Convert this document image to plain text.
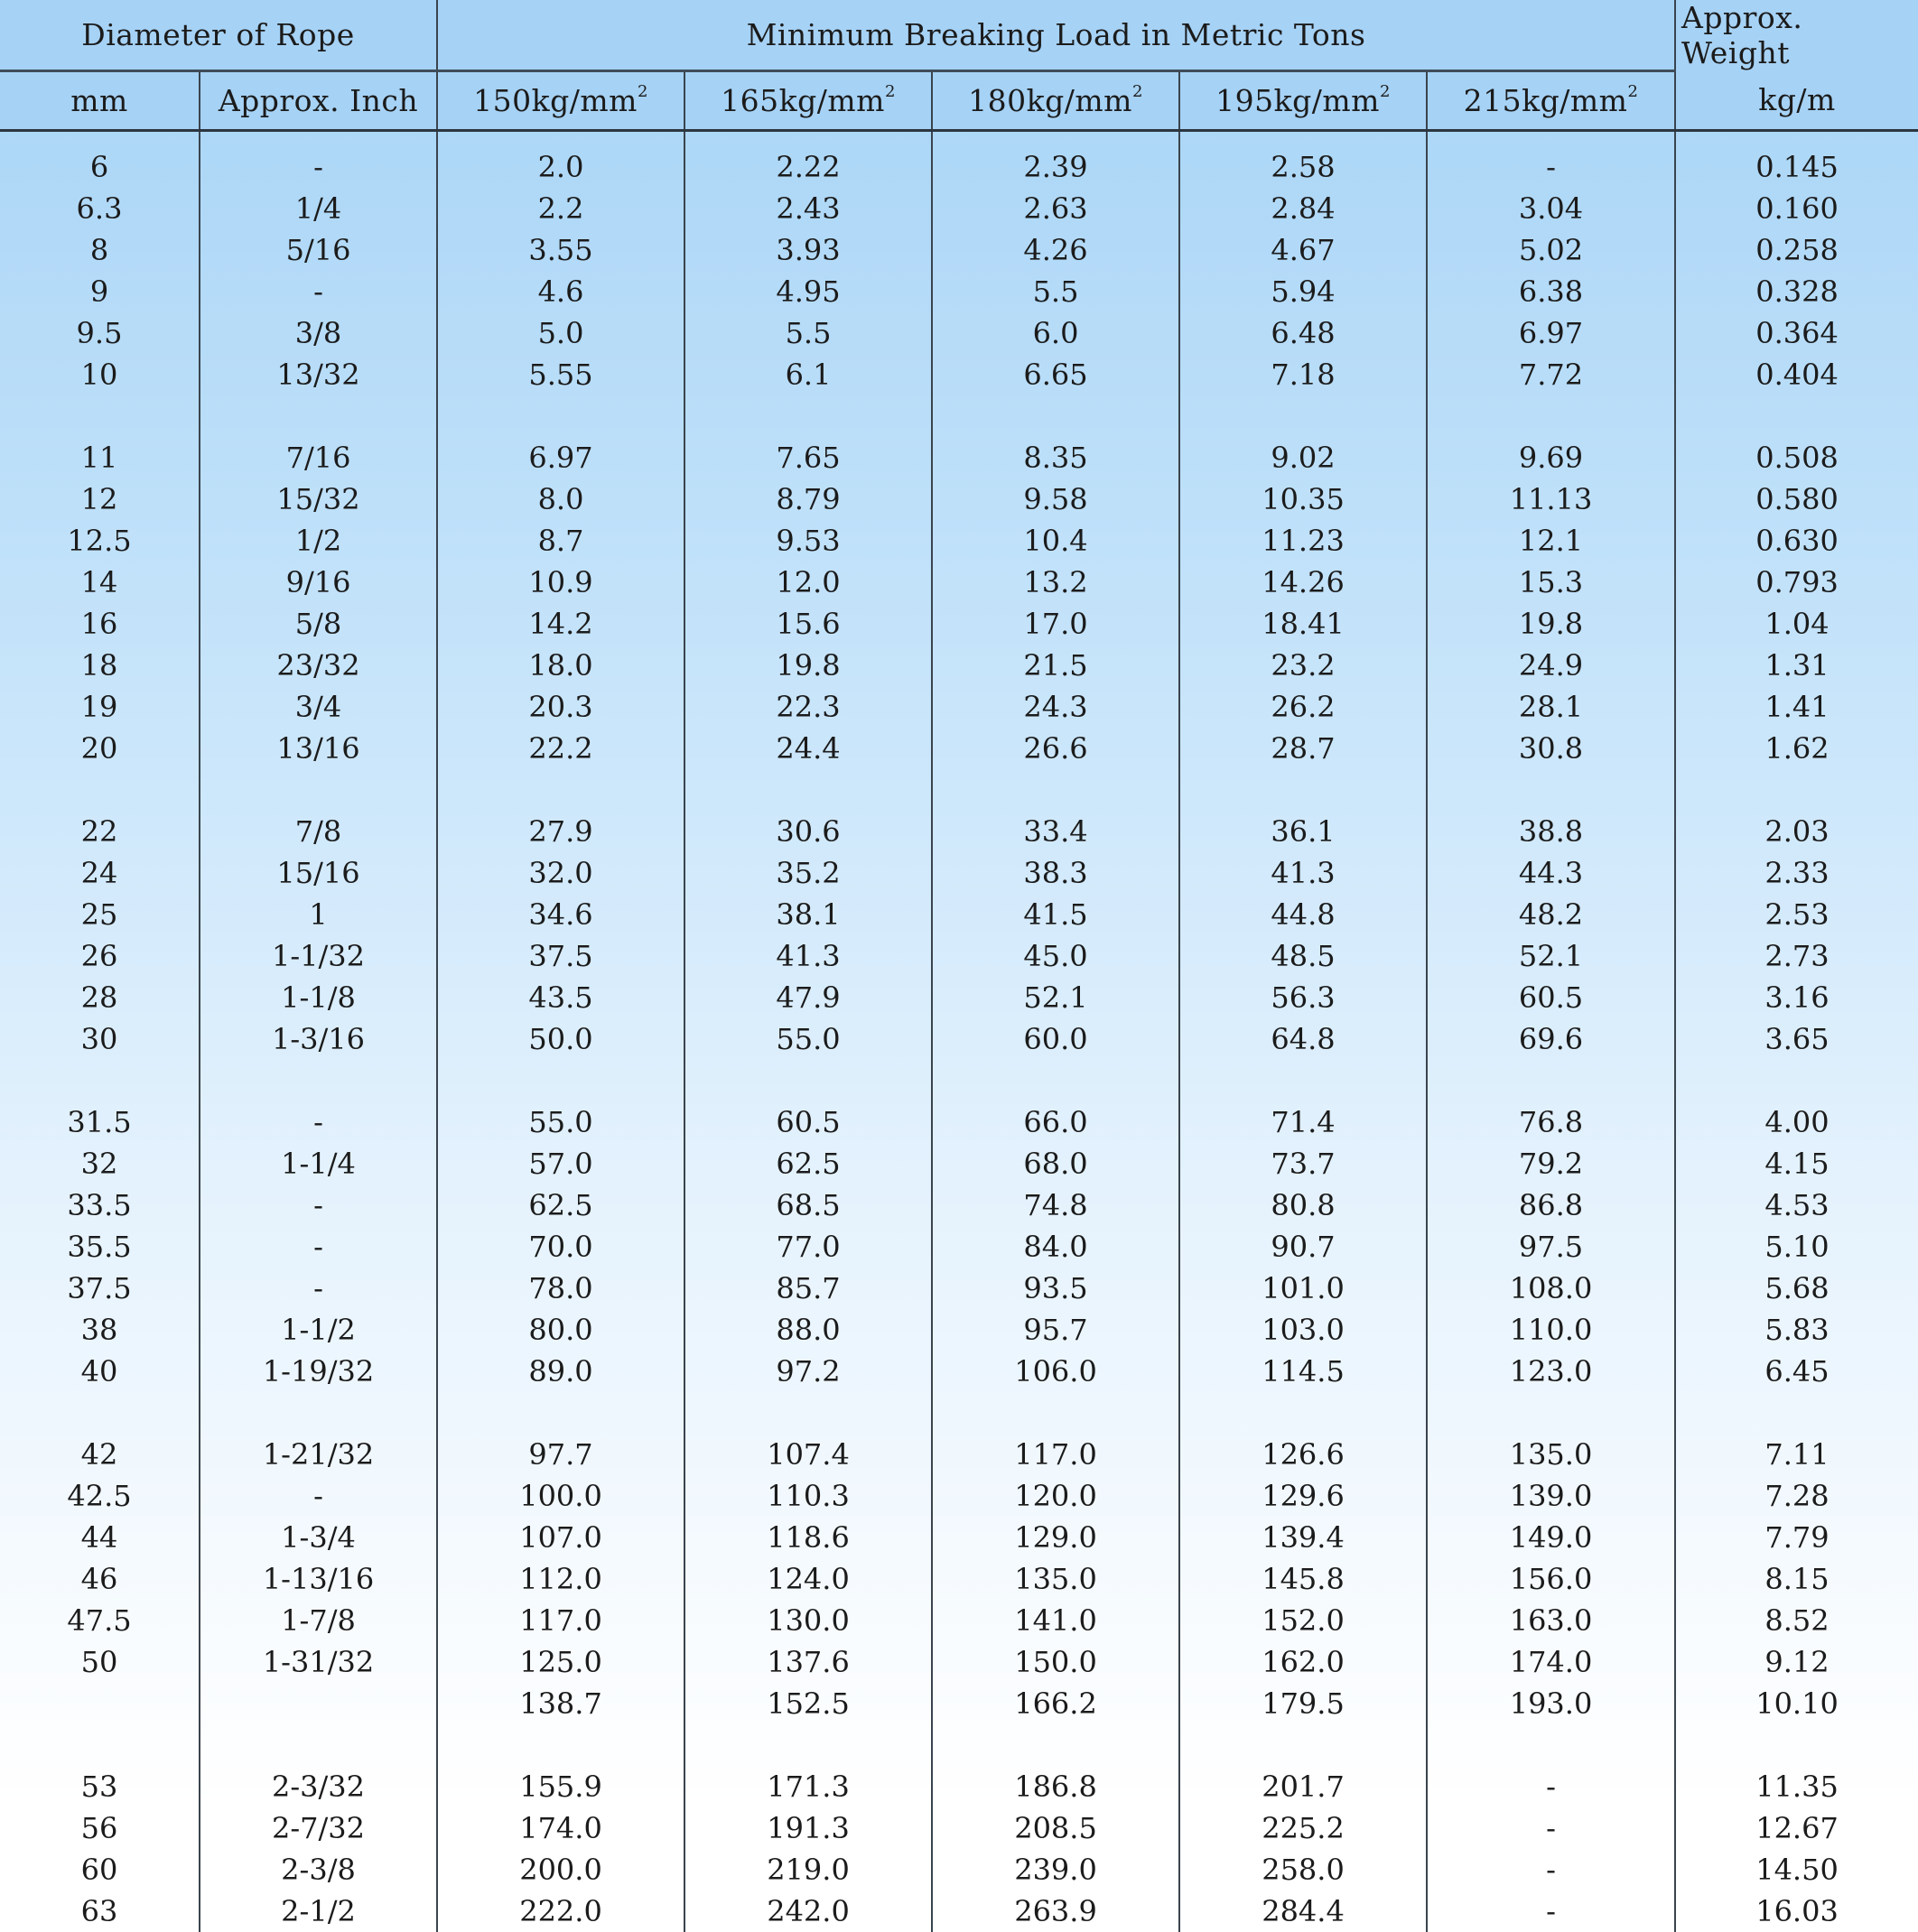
Diameter of Rope		Minimum Breaking Load in Metric Tons					Approx. Weight
mm	Approx. Inch	$150kg/mm^2$	$165kg/mm^2$	$180kg/mm^2$	$195kg/mm^2$	$215kg/mm^2$	kg/m
6	-	2.0	2.22	2.39	2.58	-	0.145
6.3	1/4	2.2	2.43	2.63	2.84	3.04	0.160
8	5/16	3.55	3.93	4.26	4.67	5.02	0.258
9	-	4.6	4.95	5.5	5.94	6.38	0.328
9.5	3/8	5.0	5.5	6.0	6.48	6.97	0.364
10	13/32	5.55	6.1	6.65	7.18	7.72	0.404

11	7/16	6.97	7.65	8.35	9.02	9.69	0.508
12	15/32	8.0	8.79	9.58	10.35	11.13	0.580
12.5	1/2	8.7	9.53	10.4	11.23	12.1	0.630
14	9/16	10.9	12.0	13.2	14.26	15.3	0.793
16	5/8	14.2	15.6	17.0	18.41	19.8	1.04
18	23/32	18.0	19.8	21.5	23.2	24.9	1.31
19	3/4	20.3	22.3	24.3	26.2	28.1	1.41
20	13/16	22.2	24.4	26.6	28.7	30.8	1.62

22	7/8	27.9	30.6	33.4	36.1	38.8	2.03
24	15/16	32.0	35.2	38.3	41.3	44.3	2.33
25	1	34.6	38.1	41.5	44.8	48.2	2.53
26	1-1/32	37.5	41.3	45.0	48.5	52.1	2.73
28	1-1/8	43.5	47.9	52.1	56.3	60.5	3.16
30	1-3/16	50.0	55.0	60.0	64.8	69.6	3.65

31.5	-	55.0	60.5	66.0	71.4	76.8	4.00
32	1-1/4	57.0	62.5	68.0	73.7	79.2	4.15
33.5	-	62.5	68.5	74.8	80.8	86.8	4.53
35.5	-	70.0	77.0	84.0	90.7	97.5	5.10
37.5	-	78.0	85.7	93.5	101.0	108.0	5.68
38	1-1/2	80.0	88.0	95.7	103.0	110.0	5.83
40	1-19/32	89.0	97.2	106.0	114.5	123.0	6.45

42	1-21/32	97.7	107.4	117.0	126.6	135.0	7.11
42.5	-	100.0	110.3	120.0	129.6	139.0	7.28
44	1-3/4	107.0	118.6	129.0	139.4	149.0	7.79
46	1-13/16	112.0	124.0	135.0	145.8	156.0	8.15
47.5	1-7/8	117.0	130.0	141.0	152.0	163.0	8.52
50	1-31/32	125.0	137.6	150.0	162.0	174.0	9.12
		138.7	152.5	166.2	179.5	193.0	10.10

53	2-3/32	155.9	171.3	186.8	201.7	-	11.35
56	2-7/32	174.0	191.3	208.5	225.2	-	12.67
60	2-3/8	200.0	219.0	239.0	258.0	-	14.50
63	2-1/2	222.0	242.0	263.9	284.4	-	16.03
